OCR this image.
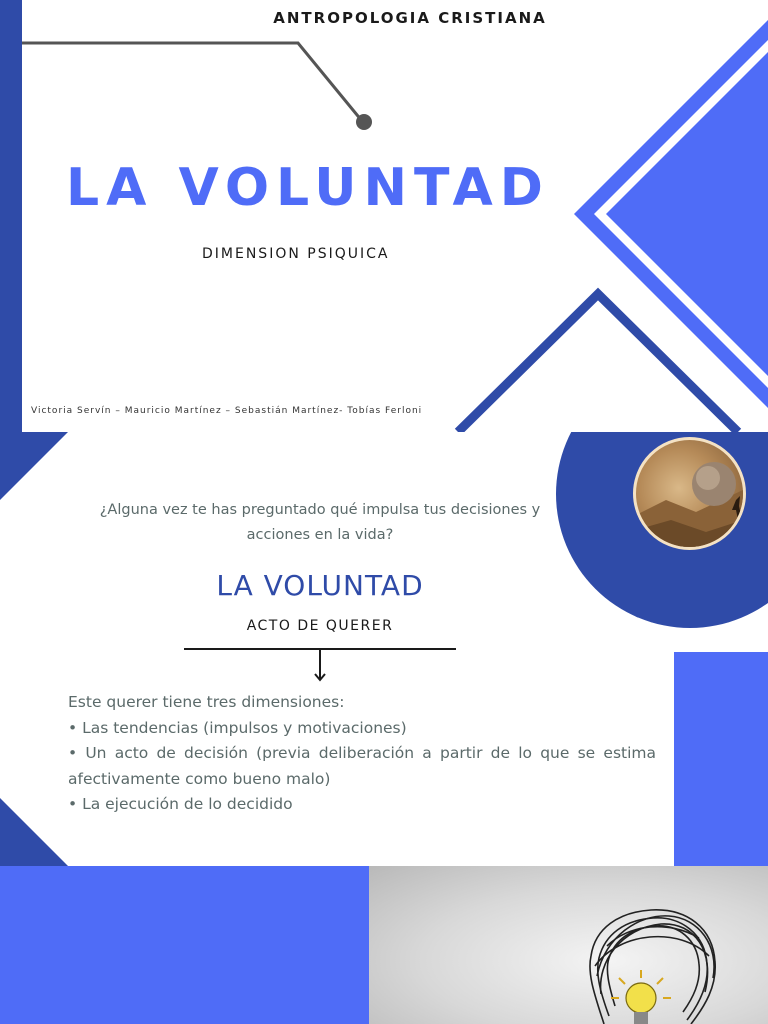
ANTROPOLOGIA CRISTIANA
LA VOLUNTAD
DIMENSION PSIQUICA
Victoria Servín – Mauricio Martínez – Sebastián Martínez- Tobías Ferloni
¿Alguna vez te has preguntado qué impulsa tus decisiones y
acciones en la vida?
LA VOLUNTAD
ACTO DE QUERER
Este querer tiene tres dimensiones:
• Las tendencias (impulsos y motivaciones)
• Un acto de decisión (previa deliberación a partir de lo que se estima afectivamente como bueno malo)
• La ejecución de lo decidido
